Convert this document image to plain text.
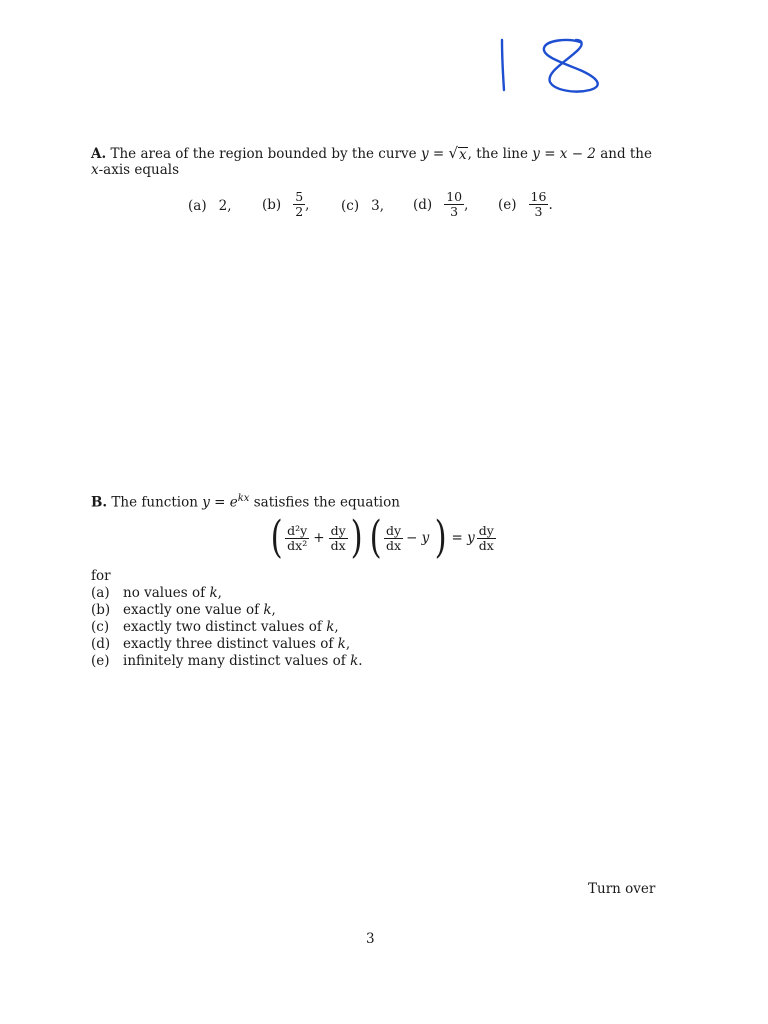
A. The area of the region bounded by the curve y = √ x , the line y = x − 2 and the
x-axis equals
(a) 2, $(b) \frac{5}{2}$ , (c) 3, $(d) \frac{10}{3}$ , $(e) \frac{16}{3}$ .
B. The function $y = e^{kx}$ satisfies the equation
( $\frac{\text{d²y}}{\text{dx²}} + \frac{dy}{dx}$ ) ( $\frac{dy}{dx} - y$ ) = y $\frac{dy}{dx}$
for
(a) no values of k,
(b) exactly one value of k,
(c)	exactly two distinct values of k,
(d) exactly three distinct values of k,
(e) infinitely many distinct values of k.
Turn over
3
